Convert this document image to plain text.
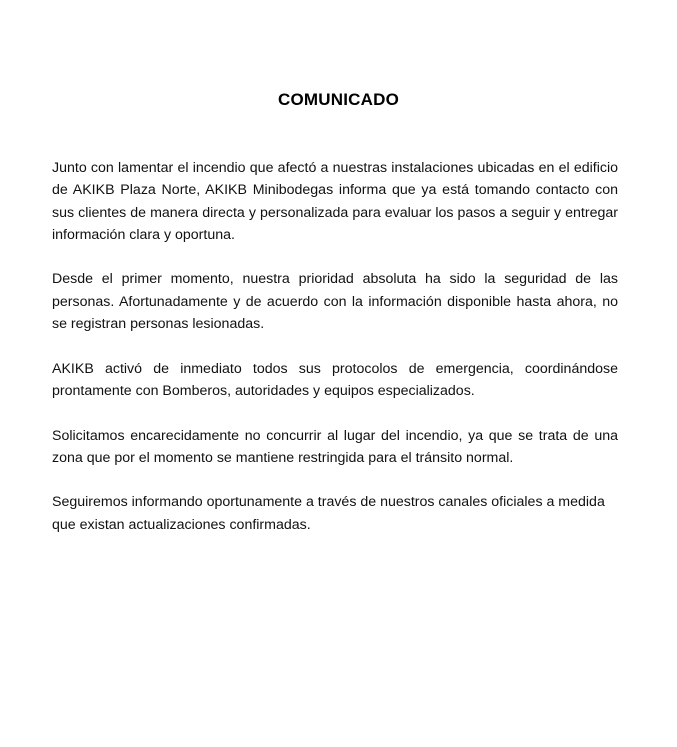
COMUNICADO

Junto con lamentar el incendio que afectó a nuestras instalaciones ubicadas en el edificio de AKIKB Plaza Norte, AKIKB Minibodegas informa que ya está tomando contacto con sus clientes de manera directa y personalizada para evaluar los pasos a seguir y entregar información clara y oportuna.

Desde el primer momento, nuestra prioridad absoluta ha sido la seguridad de las personas. Afortunadamente y de acuerdo con la información disponible hasta ahora, no se registran personas lesionadas.

AKIKB activó de inmediato todos sus protocolos de emergencia, coordinándose prontamente con Bomberos, autoridades y equipos especializados.

Solicitamos encarecidamente no concurrir al lugar del incendio, ya que se trata de una zona que por el momento se mantiene restringida para el tránsito normal.

Seguiremos informando oportunamente a través de nuestros canales oficiales a medida que existan actualizaciones confirmadas.
